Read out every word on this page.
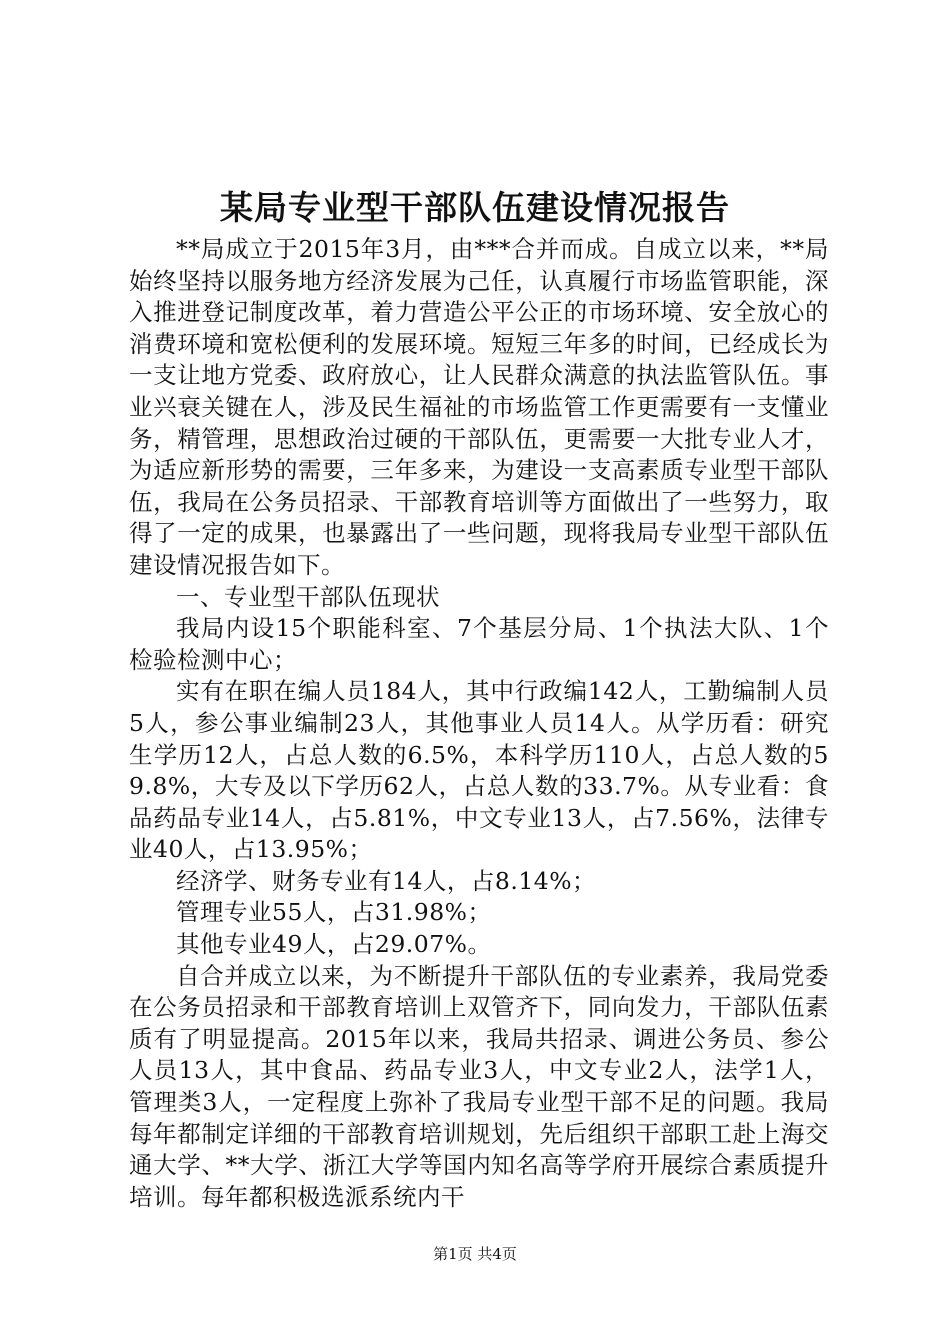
某局专业型干部队伍建设情况报告

**局成立于2015年3月，由***合并而成。自成立以来，**局始终坚持以服务地方经济发展为己任，认真履行市场监管职能，深入推进登记制度改革，着力营造公平公正的市场环境、安全放心的消费环境和宽松便利的发展环境。短短三年多的时间，已经成长为一支让地方党委、政府放心，让人民群众满意的执法监管队伍。事业兴衰关键在人，涉及民生福祉的市场监管工作更需要有一支懂业务，精管理，思想政治过硬的干部队伍，更需要一大批专业人才，为适应新形势的需要，三年多来，为建设一支高素质专业型干部队伍，我局在公务员招录、干部教育培训等方面做出了一些努力，取得了一定的成果，也暴露出了一些问题，现将我局专业型干部队伍建设情况报告如下。

一、专业型干部队伍现状

我局内设15个职能科室、7个基层分局、1个执法大队、1个检验检测中心；

实有在职在编人员184人，其中行政编142人，工勤编制人员5人，参公事业编制23人，其他事业人员14人。从学历看：研究生学历12人，占总人数的6.5%，本科学历110人，占总人数的59.8%，大专及以下学历62人，占总人数的33.7%。从专业看：食品药品专业14人，占5.81%，中文专业13人，占7.56%，法律专业40人，占13.95%；

经济学、财务专业有14人，占8.14%；

管理专业55人，占31.98%；

其他专业49人，占29.07%。

自合并成立以来，为不断提升干部队伍的专业素养，我局党委在公务员招录和干部教育培训上双管齐下，同向发力，干部队伍素质有了明显提高。2015年以来，我局共招录、调进公务员、参公人员13人，其中食品、药品专业3人，中文专业2人，法学1人，管理类3人，一定程度上弥补了我局专业型干部不足的问题。我局每年都制定详细的干部教育培训规划，先后组织干部职工赴上海交通大学、**大学、浙江大学等国内知名高等学府开展综合素质提升培训。每年都积极选派系统内干

第1页 共4页
